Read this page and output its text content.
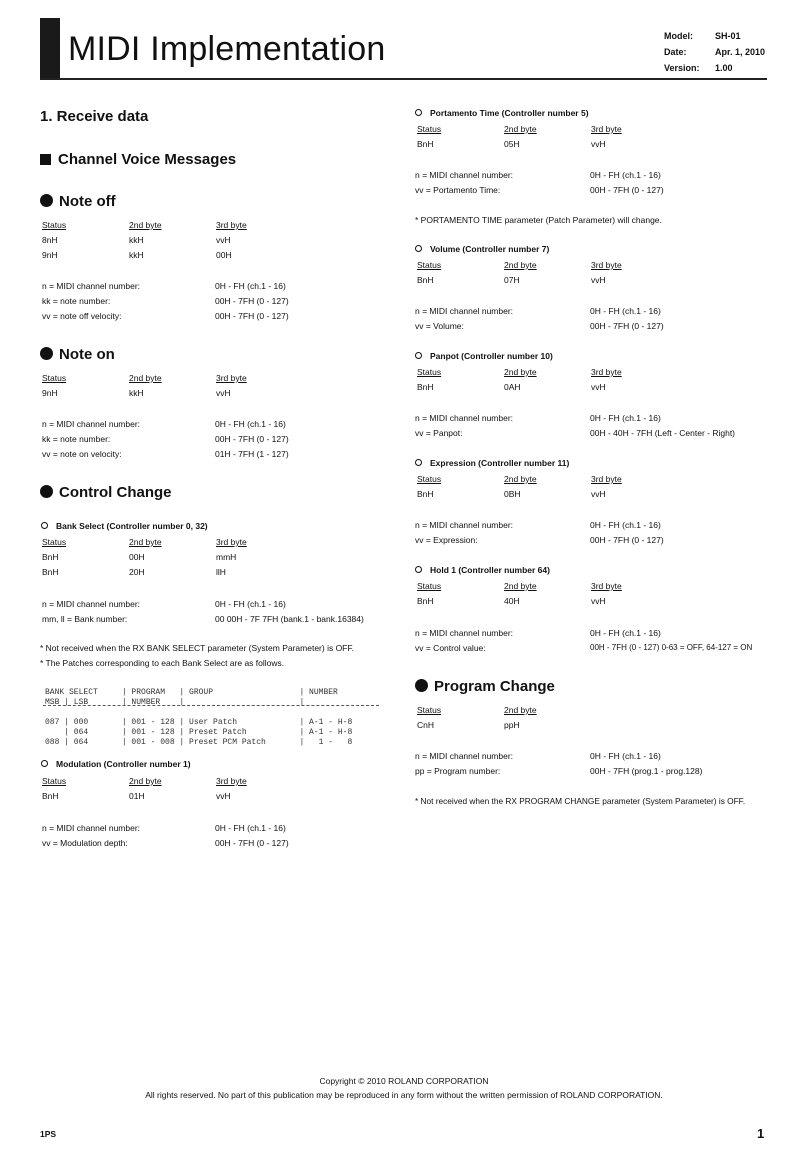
MIDI Implementation	Model: SH-01
Date:	Apr. 1, 2010
Version: 1.00
1. Receive data
Channel Voice Messages
Note off
Status	2nd byte	3rd byte
8nH	kkH	vvH
9nH	kkH	00H
n = MIDI channel number:	0H - FH (ch.1 - 16)
kk = note number:	00H - 7FH (0 - 127)
vv = note off velocity:	00H - 7FH (0 - 127)
Note on
Status	2nd byte	3rd byte
9nH	kkH	vvH
n = MIDI channel number:	0H - FH (ch.1 - 16)
kk = note number:	00H - 7FH (0 - 127)
vv = note on velocity:	01H - 7FH (1 - 127)
Control Change
Bank Select (Controller number 0, 32)
Status	2nd byte	3rd byte
BnH	00H	mmH
BnH	20H	llH
n = MIDI channel number:	0H - FH (ch.1 - 16)
mm, ll = Bank number:	00 00H - 7F 7FH (bank.1 - bank.16384)
* Not received when the RX BANK SELECT parameter (System Parameter) is OFF.
* The Patches corresponding to each Bank Select are as follows.
BANK SELECT     | PROGRAM   | GROUP                  | NUMBER
MSB | LSB       | NUMBER    |                        |

087 | 000       | 001 - 128 | User Patch             | A-1 - H-8
| 064       | 001 - 128 | Preset Patch           | A-1 - H-8
088 | 064       | 001 - 008 | Preset PCM Patch       |   1 -   8
Modulation (Controller number 1)
Status	2nd byte	3rd byte
BnH	01H	vvH
n = MIDI channel number:	0H - FH (ch.1 - 16)
vv = Modulation depth:	00H - 7FH (0 - 127)
Portamento Time (Controller number 5)
Status	2nd byte	3rd byte
BnH	05H	vvH
n = MIDI channel number:	0H - FH (ch.1 - 16)
vv = Portamento Time:	00H - 7FH (0 - 127)
* PORTAMENTO TIME parameter (Patch Parameter) will change.
Volume (Controller number 7)
Status	2nd byte	3rd byte
BnH	07H	vvH
n = MIDI channel number:	0H - FH (ch.1 - 16)
vv = Volume:	00H - 7FH (0 - 127)
Panpot (Controller number 10)
Status	2nd byte	3rd byte
BnH	0AH	vvH
n = MIDI channel number:	0H - FH (ch.1 - 16)
vv = Panpot:	00H - 40H - 7FH (Left - Center - Right)
Expression (Controller number 11)
Status	2nd byte	3rd byte
BnH	0BH	vvH
n = MIDI channel number:	0H - FH (ch.1 - 16)
vv = Expression:	00H - 7FH (0 - 127)
Hold 1 (Controller number 64)
Status	2nd byte	3rd byte
BnH	40H	vvH
n = MIDI channel number:	0H - FH (ch.1 - 16)
vv = Control value:	00H - 7FH (0 - 127) 0-63 = OFF, 64-127 = ON
Program Change
Status	2nd byte
CnH	ppH
n = MIDI channel number:	0H - FH (ch.1 - 16)
pp = Program number:	00H - 7FH (prog.1 - prog.128)
* Not received when the RX PROGRAM CHANGE parameter (System Parameter) is OFF.
Copyright © 2010 ROLAND CORPORATION
All rights reserved. No part of this publication may be reproduced in any form without the written permission of ROLAND CORPORATION.
1PS	1
